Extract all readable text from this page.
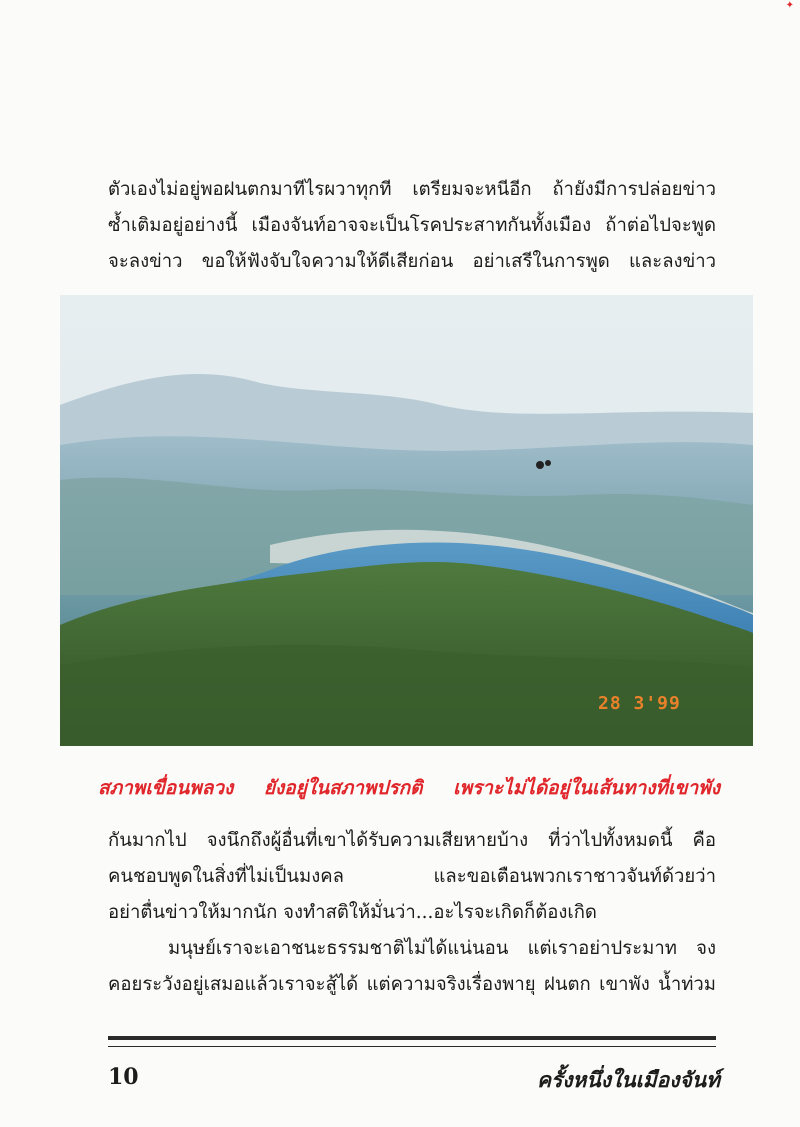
✦
ตัวเองไม่อยู่พอฝนตกมาทีไรผวาทุกที เตรียมจะหนีอีก ถ้ายังมีการปล่อยข่าว
ซ้ำเติมอยู่อย่างนี้ เมืองจันท์อาจจะเป็นโรคประสาทกันทั้งเมือง ถ้าต่อไปจะพูด
จะลงข่าว ขอให้ฟังจับใจความให้ดีเสียก่อน อย่าเสรีในการพูด และลงข่าว
28 3'99
สภาพเขื่อนพลวง ยังอยู่ในสภาพปรกติ เพราะไม่ได้อยู่ในเส้นทางที่เขาพัง
กันมากไป จงนึกถึงผู้อื่นที่เขาได้รับความเสียหายบ้าง ที่ว่าไปทั้งหมดนี้ คือ
คนชอบพูดในสิ่งที่ไม่เป็นมงคล และขอเตือนพวกเราชาวจันท์ด้วยว่า
อย่าตื่นข่าวให้มากนัก จงทำสติให้มั่นว่า...อะไรจะเกิดก็ต้องเกิด
มนุษย์เราจะเอาชนะธรรมชาติไม่ได้แน่นอน แต่เราอย่าประมาท จง
คอยระวังอยู่เสมอแล้วเราจะสู้ได้ แต่ความจริงเรื่องพายุ ฝนตก เขาพัง น้ำท่วม
10	ครั้งหนึ่งในเมืองจันท์
